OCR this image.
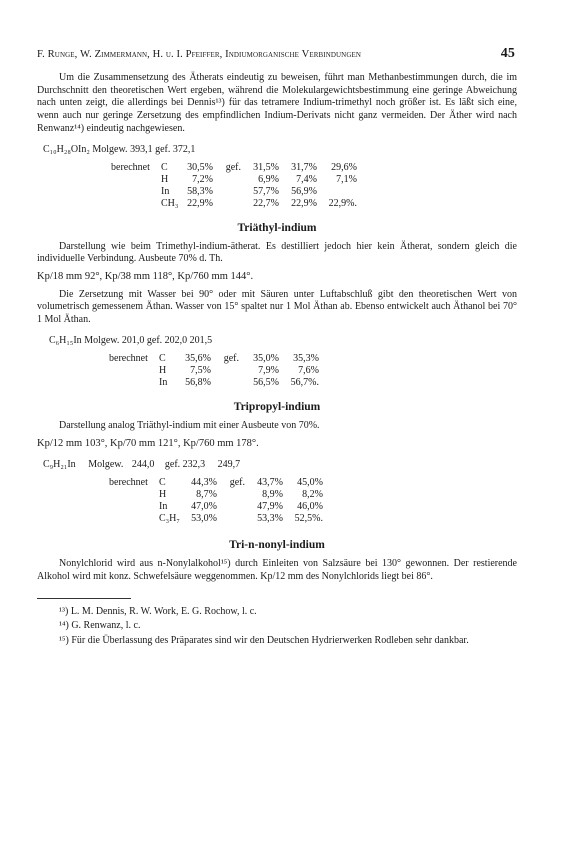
F. Runge, W. Zimmermann, H. u. I. Pfeiffer, Indiumorganische Verbindungen	45

Um die Zusammensetzung des Ätherats eindeutig zu beweisen, führt man Methanbestimmungen durch, die im Durchschnitt den theoretischen Wert ergeben, während die Molekulargewichtsbestimmung eine geringe Abweichung nach unten zeigt, die allerdings bei Dennis¹³) für das tetramere Indium-trimethyl noch größer ist. Es läßt sich eine, wenn auch nur geringe Zersetzung des empfindlichen Indium-Derivats nicht ganz vermeiden. Der Äther wird nach Renwanz¹⁴) eindeutig nachgewiesen.

C₁₀H₂₈OIn₂ Molgew. 393,1 gef. 372,1
berechnet	C	30,5%	gef.	31,5%	31,7%	29,6%
	H	7,2%		6,9%	7,4%	7,1%
	In	58,3%		57,7%	56,9%	
	CH₃	22,9%		22,7%	22,9%	22,9%.
Triäthyl-indium

Darstellung wie beim Trimethyl-indium-ätherat. Es destilliert jedoch hier kein Ätherat, sondern gleich die individuelle Verbindung. Ausbeute 70% d. Th.

Kp/18 mm 92°, Kp/38 mm 118°, Kp/760 mm 144°.

Die Zersetzung mit Wasser bei 90° oder mit Säuren unter Luftabschluß gibt den theoretischen Wert von volumetrisch gemessenem Äthan. Wasser von 15° spaltet nur 1 Mol Äthan ab. Ebenso entwickelt auch Äthanol bei 70° 1 Mol Äthan.

C₆H₁₅In Molgew. 201,0 gef. 202,0 201,5
berechnet	C	35,6%	gef.	35,0%	35,3%
	H	7,5%		7,9%	7,6%
	In	56,8%		56,5%	56,7%.
Tripropyl-indium

Darstellung analog Triäthyl-indium mit einer Ausbeute von 70%.

Kp/12 mm 103°, Kp/70 mm 121°, Kp/760 mm 178°.

C₉H₂₁In Molgew. 244,0 gef. 232,3 249,7
berechnet	C	44,3%	gef.	43,7%	45,0%
	H	8,7%		8,9%	8,2%
	In	47,0%		47,9%	46,0%
	C₃H₇	53,0%		53,3%	52,5%.
Tri-n-nonyl-indium

Nonylchlorid wird aus n-Nonylalkohol¹⁵) durch Einleiten von Salzsäure bei 130° gewonnen. Der restierende Alkohol wird mit konz. Schwefelsäure weggenommen. Kp/12 mm des Nonylchlorids liegt bei 86°.

¹³) L. M. Dennis, R. W. Work, E. G. Rochow, l. c.

¹⁴) G. Renwanz, l. c.

¹⁵) Für die Überlassung des Präparates sind wir den Deutschen Hydrierwerken Rodleben sehr dankbar.
